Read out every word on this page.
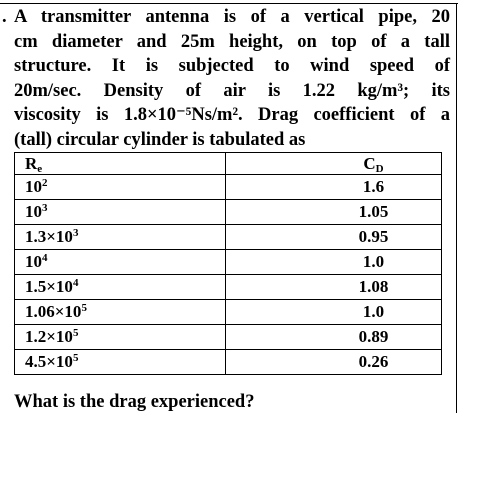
. A transmitter antenna is of a vertical pipe, 20
cm diameter and 25m height, on top of a tall
structure. It is subjected to wind speed of
20m/sec. Density of air is 1.22 kg/m³; its
viscosity is 1.8×10⁻⁵Ns/m². Drag coefficient of a
(tall) circular cylinder is tabulated as
$R_e$	$C_D$
$10^2$	1.6
$10^3$	1.05
$1.3\times 10^3$	0.95
$10^4$	1.0
$1.5\times 10^4$	1.08
$1.06\times 10^5$	1.0
$1.2\times 10^5$	0.89
$4.5\times 10^5$	0.26
What is the drag experienced?
